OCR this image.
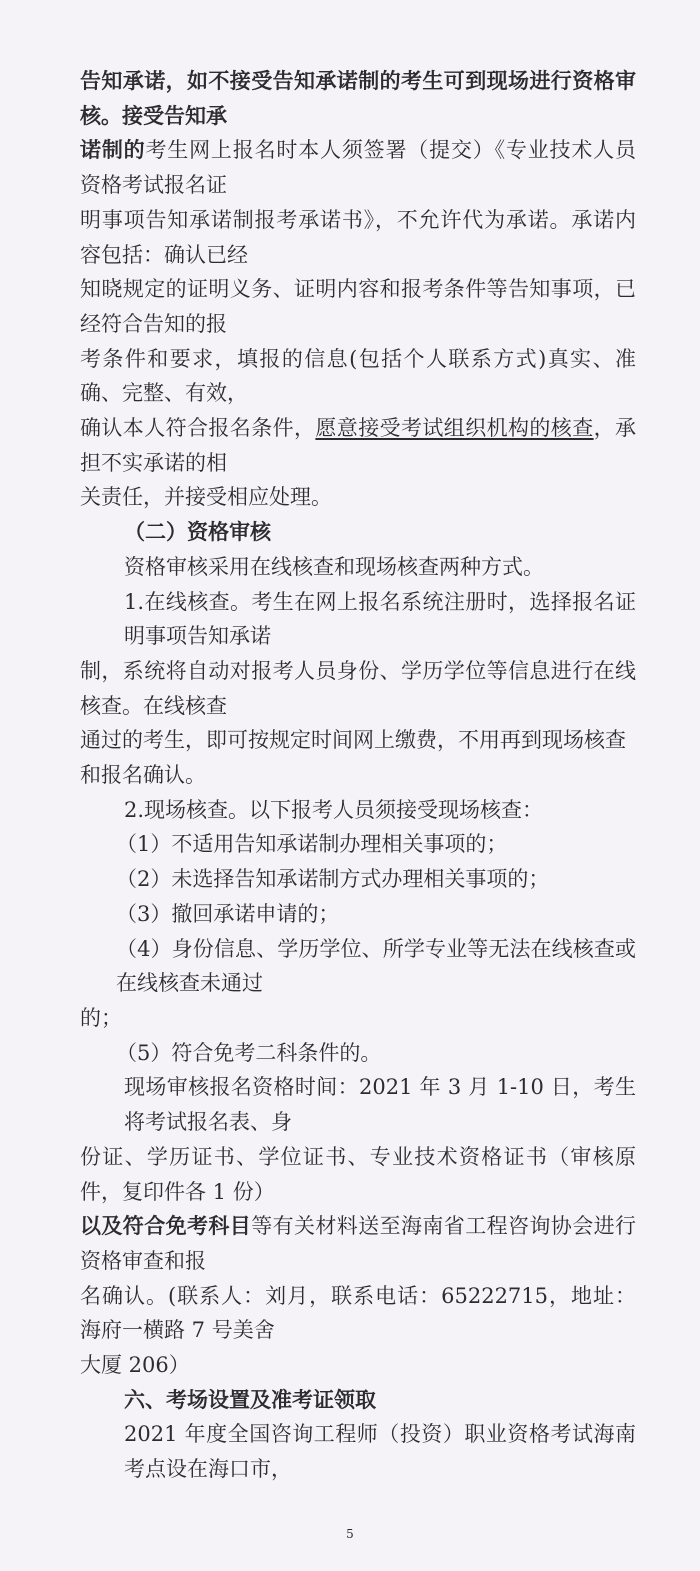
告知承诺，如不接受告知承诺制的考生可到现场进行资格审核。接受告知承
诺制的考生网上报名时本人须签署（提交）《专业技术人员资格考试报名证
明事项告知承诺制报考承诺书》，不允许代为承诺。承诺内容包括：确认已经
知晓规定的证明义务、证明内容和报考条件等告知事项，已经符合告知的报
考条件和要求，填报的信息(包括个人联系方式)真实、准确、完整、有效，
确认本人符合报名条件，愿意接受考试组织机构的核查，承担不实承诺的相
关责任，并接受相应处理。
（二）资格审核
资格审核采用在线核查和现场核查两种方式。
1.在线核查。考生在网上报名系统注册时，选择报名证明事项告知承诺
制，系统将自动对报考人员身份、学历学位等信息进行在线核查。在线核查
通过的考生，即可按规定时间网上缴费，不用再到现场核查和报名确认。
2.现场核查。以下报考人员须接受现场核查：
（1）不适用告知承诺制办理相关事项的；
（2）未选择告知承诺制方式办理相关事项的；
（3）撤回承诺申请的；
（4）身份信息、学历学位、所学专业等无法在线核查或在线核查未通过
的；
（5）符合免考二科条件的。
现场审核报名资格时间：2021 年 3 月 1-10 日，考生将考试报名表、身
份证、学历证书、学位证书、专业技术资格证书（审核原件，复印件各 1 份）
以及符合免考科目等有关材料送至海南省工程咨询协会进行资格审查和报
名确认。(联系人：刘月，联系电话：65222715，地址：海府一横路 7 号美舍
大厦 206）
六、考场设置及准考证领取
2021 年度全国咨询工程师（投资）职业资格考试海南考点设在海口市，
5
